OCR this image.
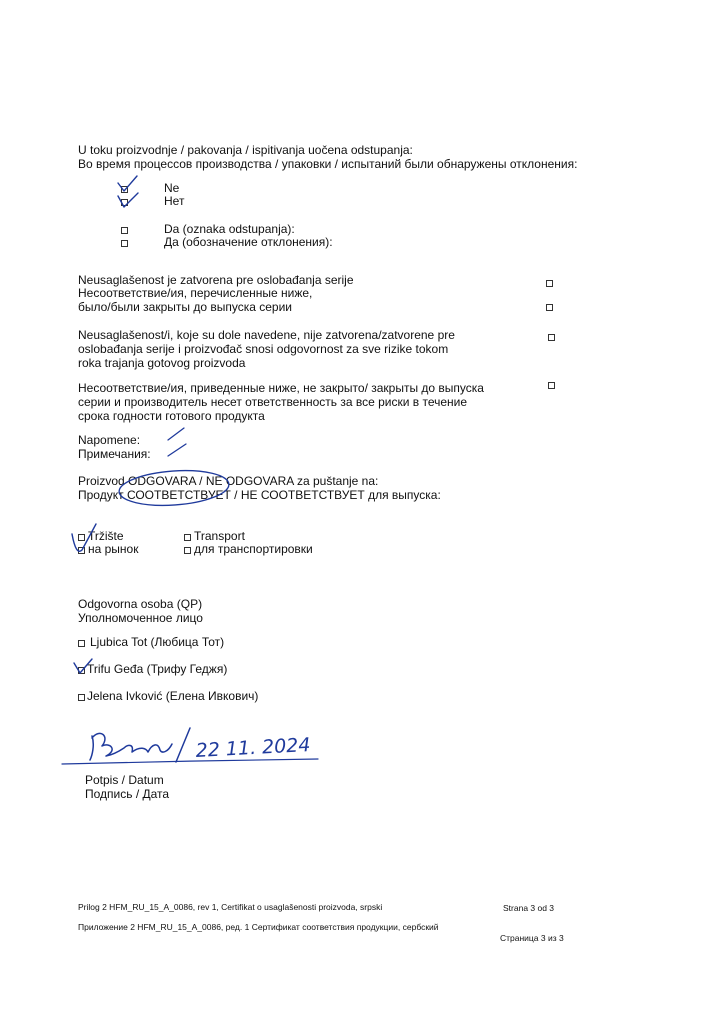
U toku proizvodnje / pakovanja / ispitivanja uočena odstupanja:
Во время процессов производства / упаковки / испытаний были обнаружены отклонения:
Ne
Нет
Da (oznaka odstupanja):
Да (обозначение отклонения):
Neusaglašenost je zatvorena pre oslobađanja serije
Несоответствие/ия, перечисленные ниже,
было/были закрыты до выпуска серии
Neusaglašenost/i, koje su dole navedene, nije zatvorena/zatvorene pre
oslobađanja serije i proizvođač snosi odgovornost za sve rizike tokom
roka trajanja gotovog proizvoda
Несоответствие/ия, приведенные ниже, не закрыто/ закрыты до выпуска
серии и производитель несет ответственность за все риски в течение
срока годности готового продукта
Napomene:
Примечания:
Proizvod ODGOVARA / NE ODGOVARA za puštanje na:
Продукт СООТВЕТСТВУЕТ / НЕ СООТВЕТСТВУЕТ для выпуска:
Tržište
на рынок
Transport
для транспортировки
Odgovorna osoba (QP)
Уполномоченное лицо
Ljubica Tot (Любица Тот)
Trifu Geđa (Трифу Геджя)
Jelena Ivković (Елена Ивкович)
Potpis / Datum
Подпись / Дата
Prilog 2 HFM_RU_15_A_0086, rev 1, Certifikat o usaglašenosti proizvoda, srpski	Strana 3 od 3
Приложение 2 HFM_RU_15_A_0086, ред. 1 Сертификат соответствия продукции, сербский
Страница 3 из 3
22 11. 2024
